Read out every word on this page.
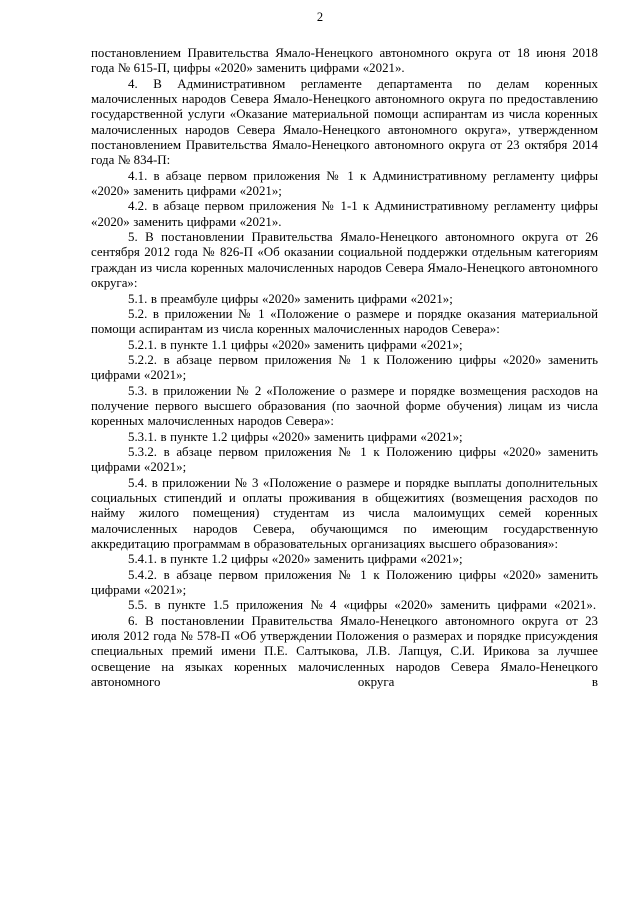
2

постановлением Правительства Ямало-Ненецкого автономного округа от 18 июня 2018 года № 615-П, цифры «2020» заменить цифрами «2021».

4. В Административном регламенте департамента по делам коренных малочисленных народов Севера Ямало-Ненецкого автономного округа по предоставлению государственной услуги «Оказание материальной помощи аспирантам из числа коренных малочисленных народов Севера Ямало-Ненецкого автономного округа», утвержденном постановлением Правительства Ямало-Ненецкого автономного округа от 23 октября 2014 года № 834-П:

4.1. в абзаце первом приложения № 1 к Административному регламенту цифры «2020» заменить цифрами «2021»;

4.2. в абзаце первом приложения № 1-1 к Административному регламенту цифры «2020» заменить цифрами «2021».

5. В постановлении Правительства Ямало-Ненецкого автономного округа от 26 сентября 2012 года № 826-П «Об оказании социальной поддержки отдельным категориям граждан из числа коренных малочисленных народов Севера Ямало-Ненецкого автономного округа»:

5.1. в преамбуле цифры «2020» заменить цифрами «2021»;

5.2. в приложении № 1 «Положение о размере и порядке оказания материальной помощи аспирантам из числа коренных малочисленных народов Севера»:

5.2.1. в пункте 1.1 цифры «2020» заменить цифрами «2021»;

5.2.2. в абзаце первом приложения № 1 к Положению цифры «2020» заменить цифрами «2021»;

5.3. в приложении № 2 «Положение о размере и порядке возмещения расходов на получение первого высшего образования (по заочной форме обучения) лицам из числа коренных малочисленных народов Севера»:

5.3.1. в пункте 1.2 цифры «2020» заменить цифрами «2021»;

5.3.2. в абзаце первом приложения № 1 к Положению цифры «2020» заменить цифрами «2021»;

5.4. в приложении № 3 «Положение о размере и порядке выплаты дополнительных социальных стипендий и оплаты проживания в общежитиях (возмещения расходов по найму жилого помещения) студентам из числа малоимущих семей коренных малочисленных народов Севера, обучающимся по имеющим государственную аккредитацию программам в образовательных организациях высшего образования»:

5.4.1. в пункте 1.2 цифры «2020» заменить цифрами «2021»;

5.4.2. в абзаце первом приложения № 1 к Положению цифры «2020» заменить цифрами «2021»;

5.5. в пункте 1.5 приложения № 4 «цифры «2020» заменить цифрами «2021».

6. В постановлении Правительства Ямало-Ненецкого автономного округа от 23 июля 2012 года № 578-П «Об утверждении Положения о размерах и порядке присуждения специальных премий имени П.Е. Салтыкова, Л.В. Лапцуя, С.И. Ирикова за лучшее освещение на языках коренных малочисленных народов Севера Ямало-Ненецкого автономного округа в
